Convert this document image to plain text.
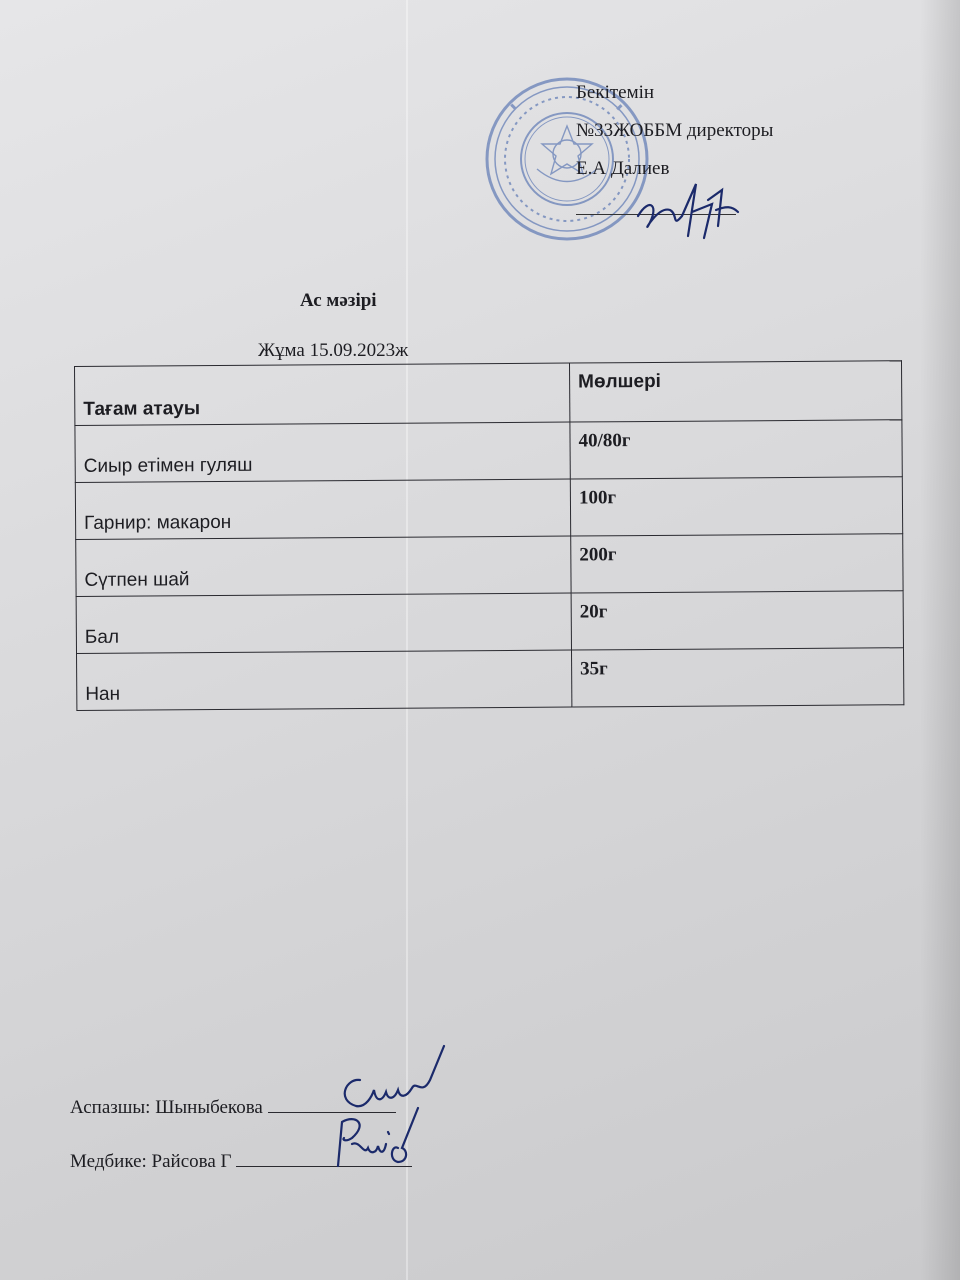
Бекітемін
№33ЖОББМ директоры
Е.А Далиев
Ас мәзірі
Жұма 15.09.2023ж
Тағам атауы	Мөлшері
Сиыр етімен гуляш	40/80г
Гарнир: макарон	100г
Сүтпен шай	200г
Бал	20г
Нан	35г
Аспазшы: Шыныбекова
Медбике: Райсова Г
